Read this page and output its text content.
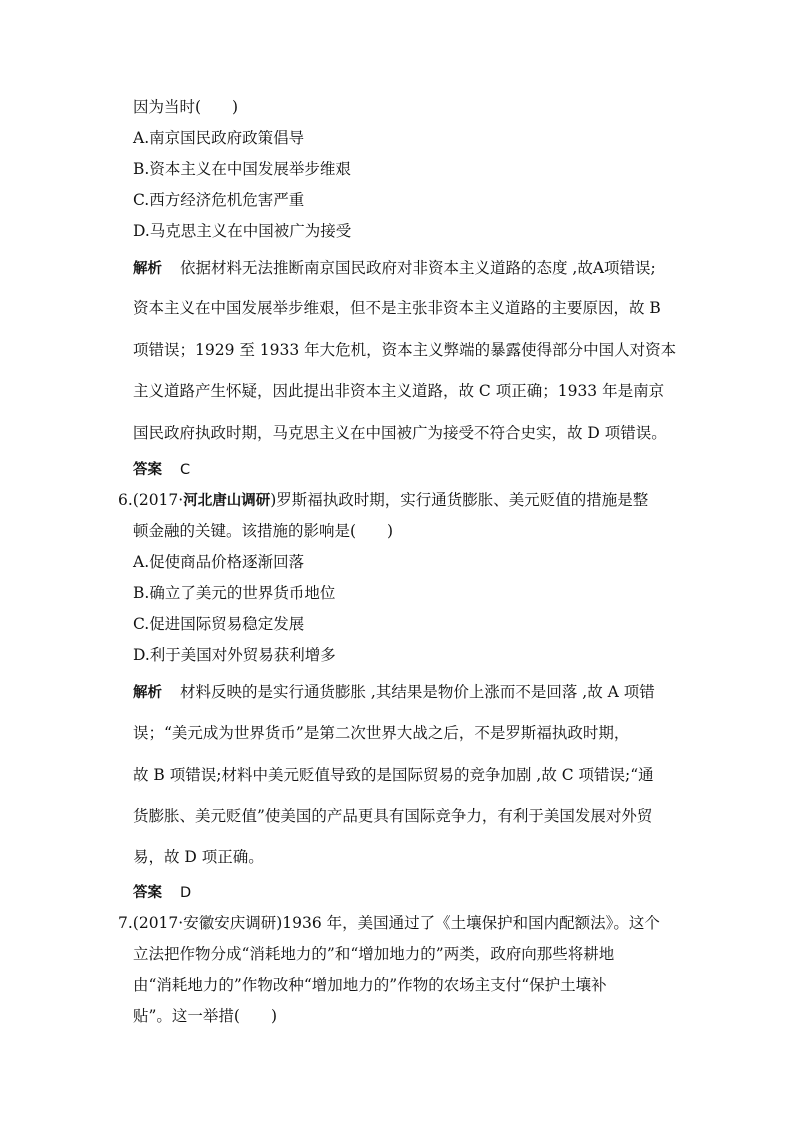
因为当时(　　)
A.南京国民政府政策倡导
B.资本主义在中国发展举步维艰
C.西方经济危机危害严重
D.马克思主义在中国被广为接受
解析 依据材料无法推断南京国民政府对非资本主义道路的态度 ,故A项错误;
资本主义在中国发展举步维艰，但不是主张非资本主义道路的主要原因，故 B
项错误；1929 至 1933 年大危机，资本主义弊端的暴露使得部分中国人对资本
主义道路产生怀疑，因此提出非资本主义道路，故 C 项正确；1933 年是南京
国民政府执政时期，马克思主义在中国被广为接受不符合史实，故 D 项错误。
答案 C
6.(2017·河北唐山调研)罗斯福执政时期，实行通货膨胀、美元贬值的措施是整
顿金融的关键。该措施的影响是(　　)
A.促使商品价格逐渐回落
B.确立了美元的世界货币地位
C.促进国际贸易稳定发展
D.利于美国对外贸易获利增多
解析 材料反映的是实行通货膨胀 ,其结果是物价上涨而不是回落 ,故 A 项错
误；“美元成为世界货币”是第二次世界大战之后，不是罗斯福执政时期，
故 B 项错误;材料中美元贬值导致的是国际贸易的竞争加剧 ,故 C 项错误;“通
货膨胀、美元贬值”使美国的产品更具有国际竞争力，有利于美国发展对外贸
易，故 D 项正确。
答案 D
7.(2017·安徽安庆调研)1936 年，美国通过了《土壤保护和国内配额法》。这个
立法把作物分成“消耗地力的”和“增加地力的”两类，政府向那些将耕地
由“消耗地力的”作物改种“增加地力的”作物的农场主支付“保护土壤补
贴”。这一举措(　　)
